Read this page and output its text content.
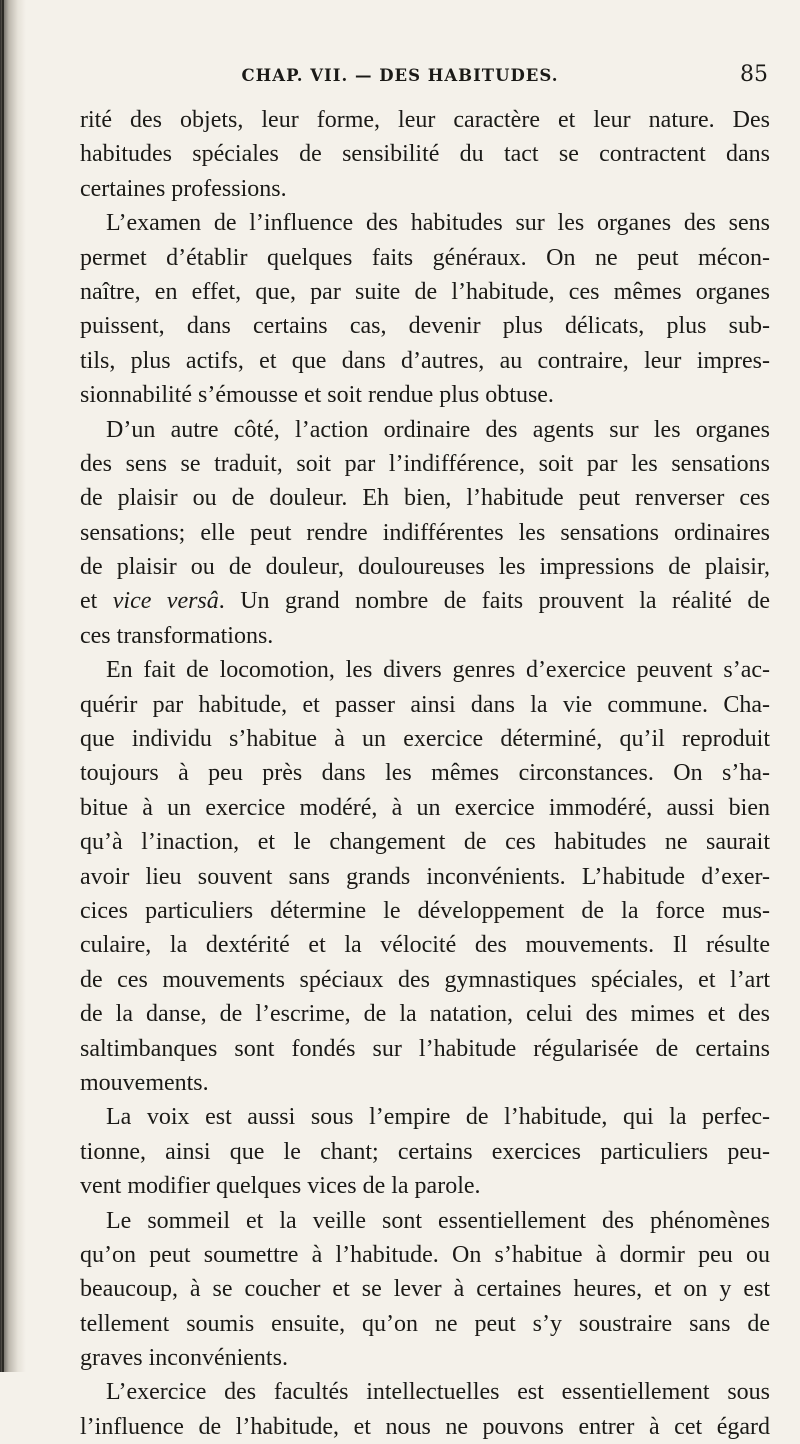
CHAP. VII. — DES HABITUDES.	85
rité des objets, leur forme, leur caractère et leur nature. Des
habitudes spéciales de sensibilité du tact se contractent dans
certaines professions.
L’examen de l’influence des habitudes sur les organes des sens
permet d’établir quelques faits généraux. On ne peut mécon-
naître, en effet, que, par suite de l’habitude, ces mêmes organes
puissent, dans certains cas, devenir plus délicats, plus sub-
tils, plus actifs, et que dans d’autres, au contraire, leur impres-
sionnabilité s’émousse et soit rendue plus obtuse.
D’un autre côté, l’action ordinaire des agents sur les organes
des sens se traduit, soit par l’indifférence, soit par les sensations
de plaisir ou de douleur. Eh bien, l’habitude peut renverser ces
sensations; elle peut rendre indifférentes les sensations ordinaires
de plaisir ou de douleur, douloureuses les impressions de plaisir,
et vice versâ. Un grand nombre de faits prouvent la réalité de
ces transformations.
En fait de locomotion, les divers genres d’exercice peuvent s’ac-
quérir par habitude, et passer ainsi dans la vie commune. Cha-
que individu s’habitue à un exercice déterminé, qu’il reproduit
toujours à peu près dans les mêmes circonstances. On s’ha-
bitue à un exercice modéré, à un exercice immodéré, aussi bien
qu’à l’inaction, et le changement de ces habitudes ne saurait
avoir lieu souvent sans grands inconvénients. L’habitude d’exer-
cices particuliers détermine le développement de la force mus-
culaire, la dextérité et la vélocité des mouvements. Il résulte
de ces mouvements spéciaux des gymnastiques spéciales, et l’art
de la danse, de l’escrime, de la natation, celui des mimes et des
saltimbanques sont fondés sur l’habitude régularisée de certains
mouvements.
La voix est aussi sous l’empire de l’habitude, qui la perfec-
tionne, ainsi que le chant; certains exercices particuliers peu-
vent modifier quelques vices de la parole.
Le sommeil et la veille sont essentiellement des phénomènes
qu’on peut soumettre à l’habitude. On s’habitue à dormir peu ou
beaucoup, à se coucher et se lever à certaines heures, et on y est
tellement soumis ensuite, qu’on ne peut s’y soustraire sans de
graves inconvénients.
L’exercice des facultés intellectuelles est essentiellement sous
l’influence de l’habitude, et nous ne pouvons entrer à cet égard
